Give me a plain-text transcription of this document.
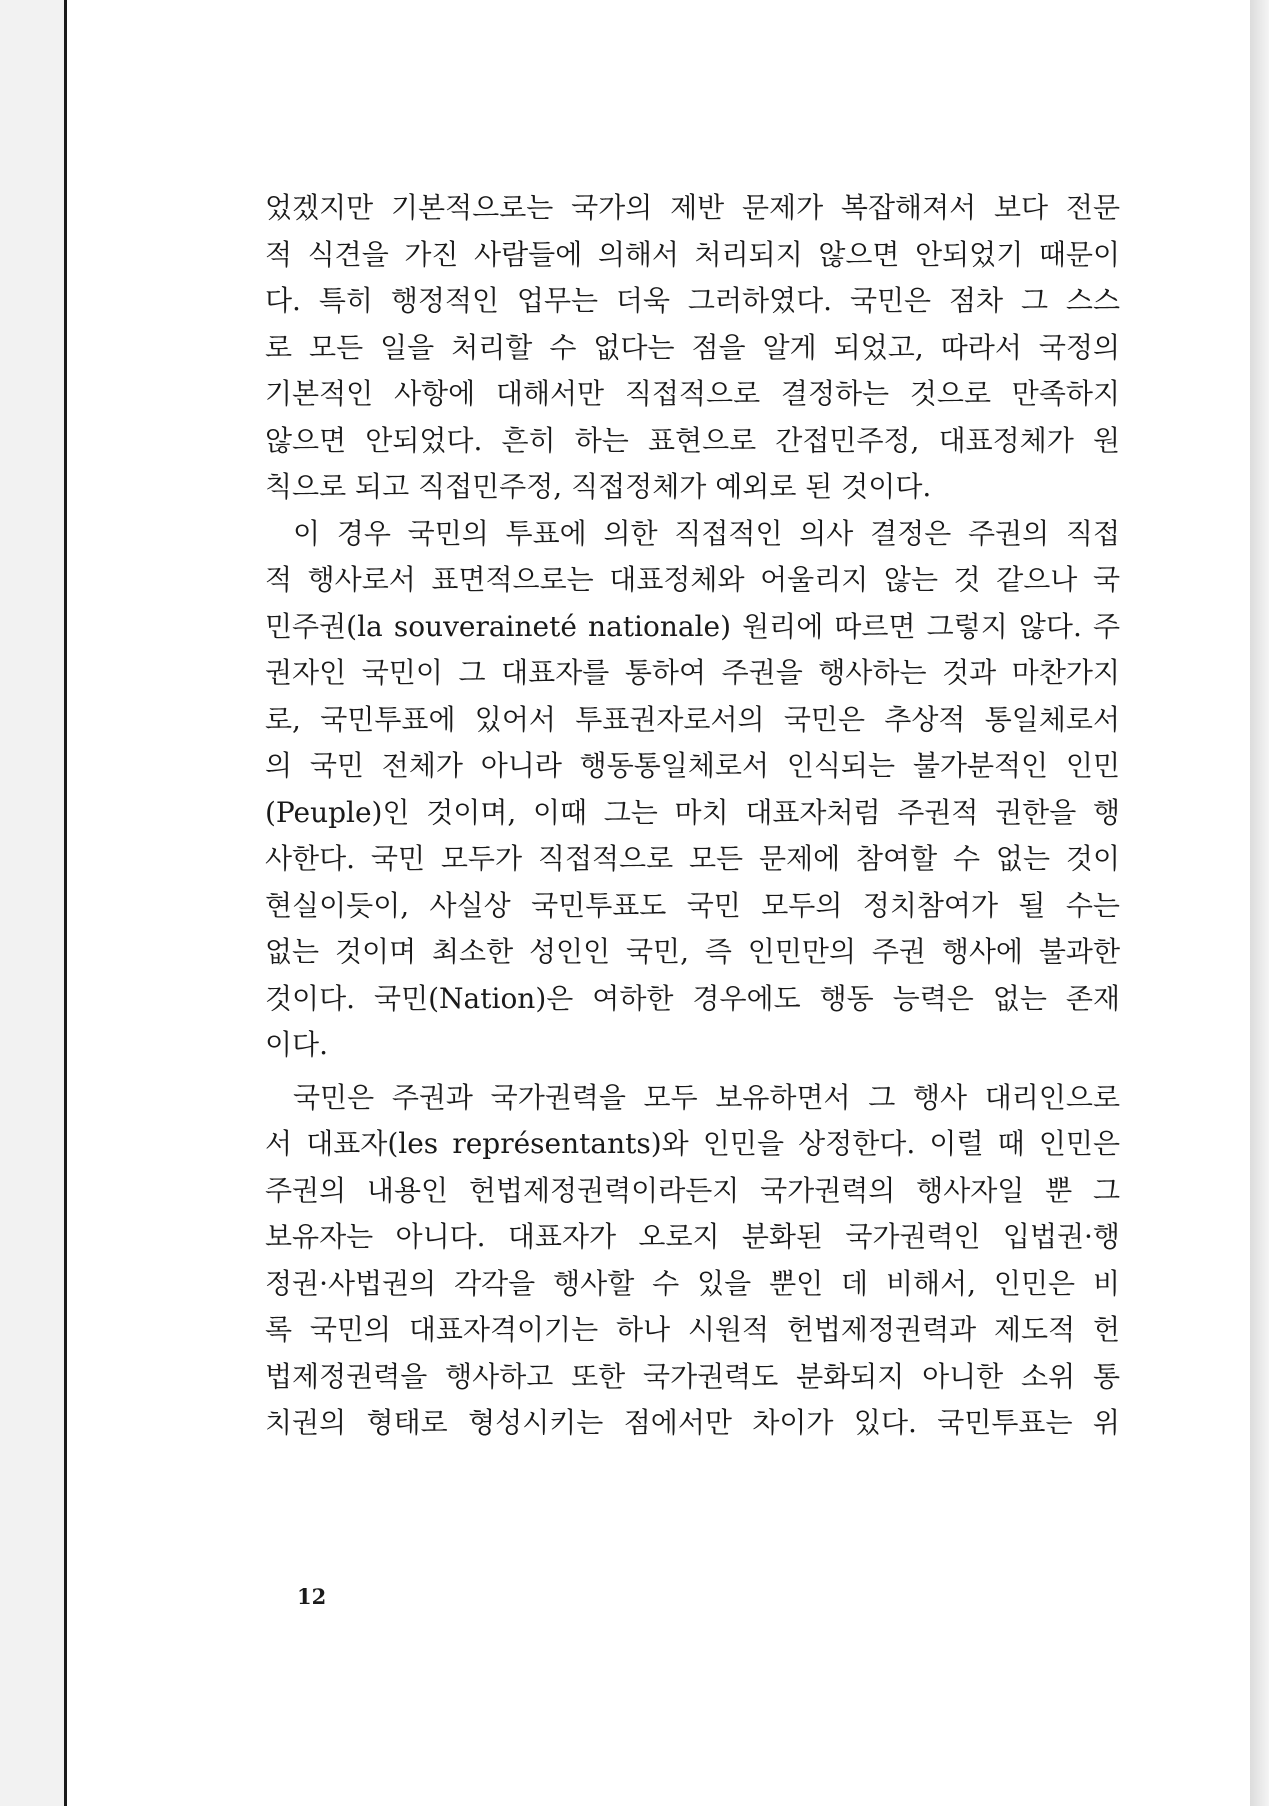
었겠지만 기본적으로는 국가의 제반 문제가 복잡해져서 보다 전문
적 식견을 가진 사람들에 의해서 처리되지 않으면 안되었기 때문이
다. 특히 행정적인 업무는 더욱 그러하였다. 국민은 점차 그 스스
로 모든 일을 처리할 수 없다는 점을 알게 되었고, 따라서 국정의
기본적인 사항에 대해서만 직접적으로 결정하는 것으로 만족하지
않으면 안되었다. 흔히 하는 표현으로 간접민주정, 대표정체가 원
칙으로 되고 직접민주정, 직접정체가 예외로 된 것이다.
이 경우 국민의 투표에 의한 직접적인 의사 결정은 주권의 직접
적 행사로서 표면적으로는 대표정체와 어울리지 않는 것 같으나 국
민주권(la souveraineté nationale) 원리에 따르면 그렇지 않다. 주
권자인 국민이 그 대표자를 통하여 주권을 행사하는 것과 마찬가지
로, 국민투표에 있어서 투표권자로서의 국민은 추상적 통일체로서
의 국민 전체가 아니라 행동통일체로서 인식되는 불가분적인 인민
(Peuple)인 것이며, 이때 그는 마치 대표자처럼 주권적 권한을 행
사한다. 국민 모두가 직접적으로 모든 문제에 참여할 수 없는 것이
현실이듯이, 사실상 국민투표도 국민 모두의 정치참여가 될 수는
없는 것이며 최소한 성인인 국민, 즉 인민만의 주권 행사에 불과한
것이다. 국민(Nation)은 여하한 경우에도 행동 능력은 없는 존재
이다.
국민은 주권과 국가권력을 모두 보유하면서 그 행사 대리인으로
서 대표자(les représentants)와 인민을 상정한다. 이럴 때 인민은
주권의 내용인 헌법제정권력이라든지 국가권력의 행사자일 뿐 그
보유자는 아니다. 대표자가 오로지 분화된 국가권력인 입법권·행
정권·사법권의 각각을 행사할 수 있을 뿐인 데 비해서, 인민은 비
록 국민의 대표자격이기는 하나 시원적 헌법제정권력과 제도적 헌
법제정권력을 행사하고 또한 국가권력도 분화되지 아니한 소위 통
치권의 형태로 형성시키는 점에서만 차이가 있다. 국민투표는 위
12
